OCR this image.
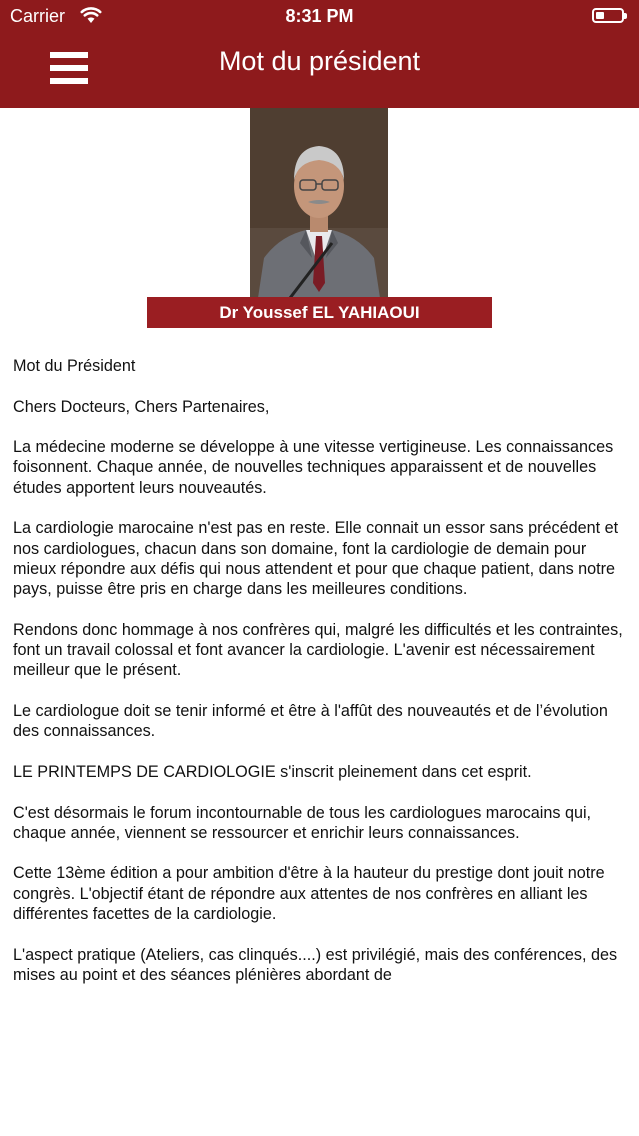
Carrier	8:31 PM
Mot du président
Dr Youssef EL YAHIAOUI

Mot du Président

Chers Docteurs, Chers Partenaires,

La médecine moderne se développe à une vitesse vertigineuse. Les connaissances foisonnent. Chaque année, de nouvelles techniques apparaissent et de nouvelles études apportent leurs nouveautés.

La cardiologie marocaine n'est pas en reste. Elle connait un essor sans précédent et nos cardiologues, chacun dans son domaine, font la cardiologie de demain pour mieux répondre aux défis qui nous attendent et pour que chaque patient, dans notre pays, puisse être pris en charge dans les meilleures conditions.

Rendons donc hommage à nos confrères qui, malgré les difficultés et les contraintes, font un travail colossal et font avancer la cardiologie. L'avenir est nécessairement meilleur que le présent.

Le cardiologue doit se tenir informé et être à l'affût des nouveautés et de l’évolution des connaissances.

LE PRINTEMPS DE CARDIOLOGIE s'inscrit pleinement dans cet esprit.

C'est désormais le forum incontournable de tous les cardiologues marocains qui, chaque année, viennent se ressourcer et enrichir leurs connaissances.

Cette 13ème édition a pour ambition d'être à la hauteur du prestige dont jouit notre congrès. L'objectif étant de répondre aux attentes de nos confrères en alliant les différentes facettes de la cardiologie.

L'aspect pratique (Ateliers, cas clinqués....) est privilégié, mais des conférences, des mises au point et des séances plénières abordant de
